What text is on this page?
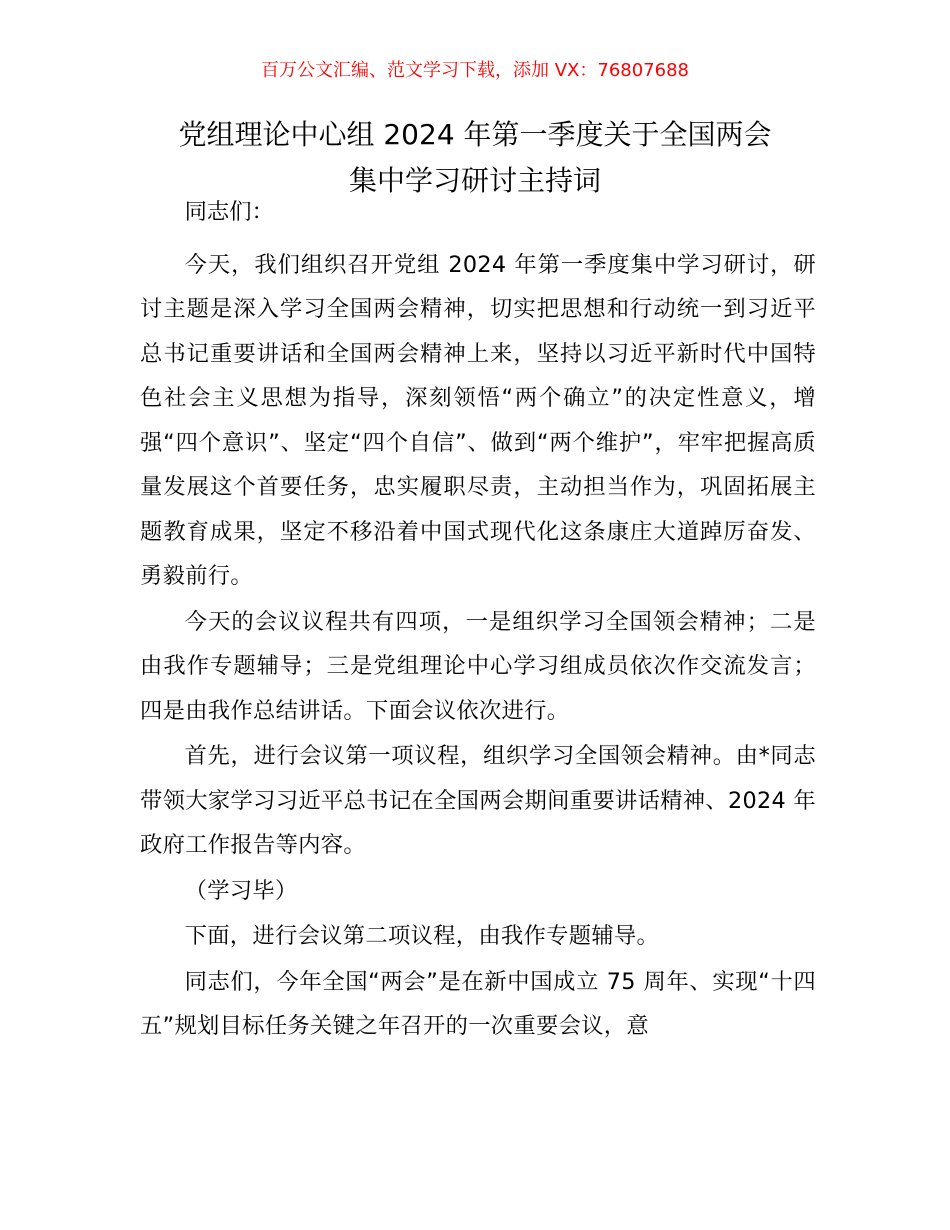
百万公文汇编、范文学习下载，添加 VX：76807688
党组理论中心组 2024 年第一季度关于全国两会
集中学习研讨主持词
同志们：

今天，我们组织召开党组 2024 年第一季度集中学习研讨，研讨主题是深入学习全国两会精神，切实把思想和行动统一到习近平总书记重要讲话和全国两会精神上来，坚持以习近平新时代中国特色社会主义思想为指导，深刻领悟“两个确立”的决定性意义，增强“四个意识”、坚定“四个自信”、做到“两个维护”，牢牢把握高质量发展这个首要任务，忠实履职尽责，主动担当作为，巩固拓展主题教育成果，坚定不移沿着中国式现代化这条康庄大道踔厉奋发、勇毅前行。

今天的会议议程共有四项，一是组织学习全国领会精神；二是由我作专题辅导；三是党组理论中心学习组成员依次作交流发言；四是由我作总结讲话。下面会议依次进行。

首先，进行会议第一项议程，组织学习全国领会精神。由*同志带领大家学习习近平总书记在全国两会期间重要讲话精神、2024 年政府工作报告等内容。

（学习毕）

下面，进行会议第二项议程，由我作专题辅导。

同志们，今年全国“两会”是在新中国成立 75 周年、实现“十四五”规划目标任务关键之年召开的一次重要会议，意
